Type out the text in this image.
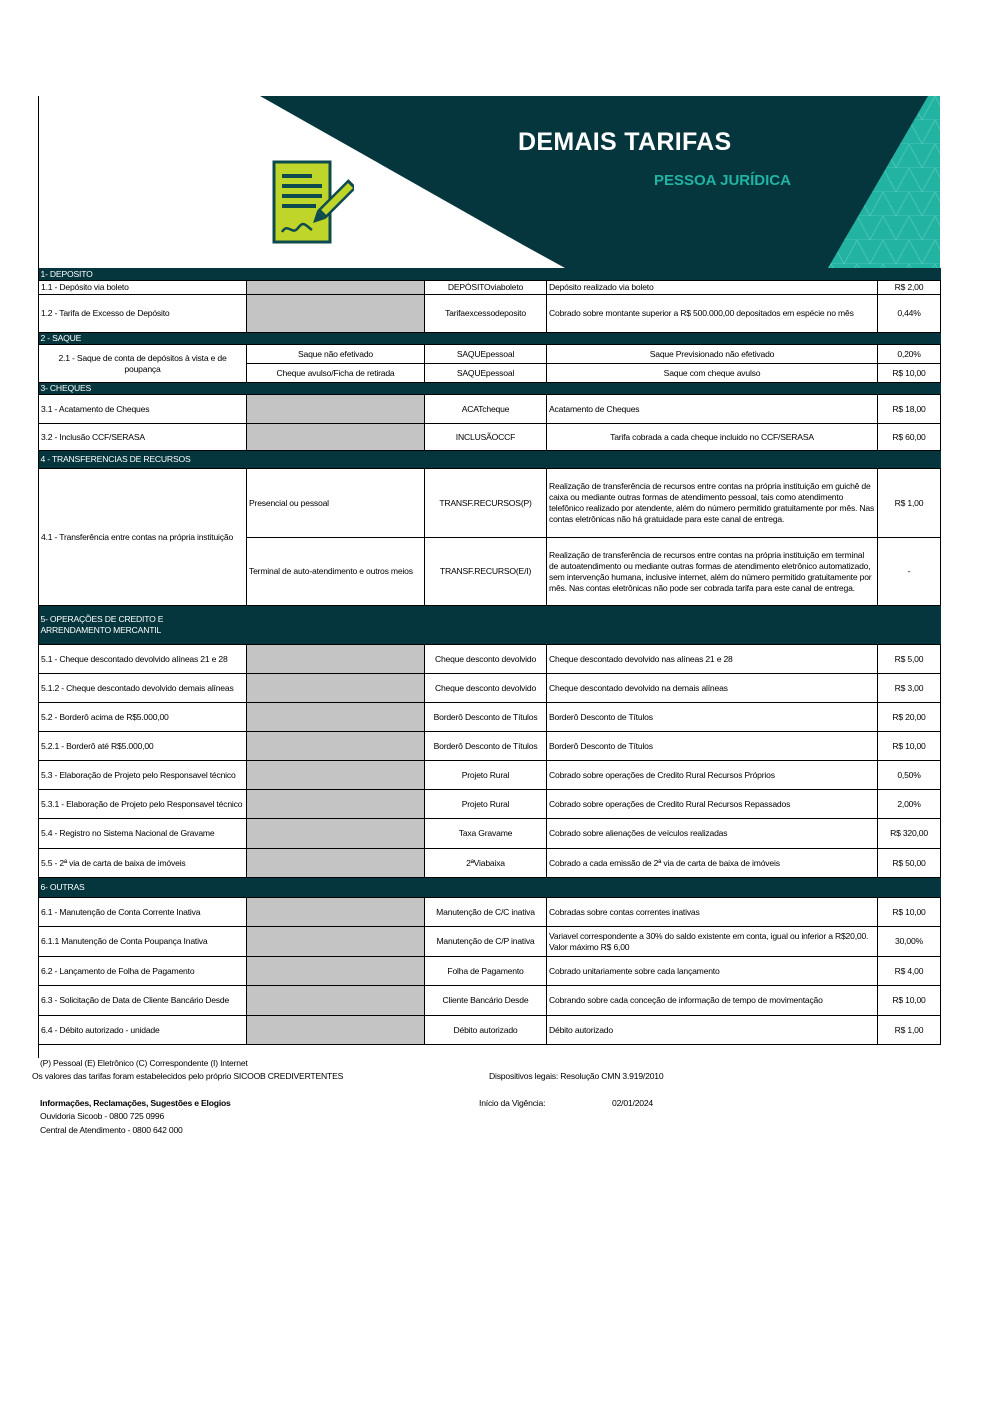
DEMAIS TARIFAS
PESSOA JURÍDICA
1- DEPOSITO				
1.1 - Depósito via boleto		DEPÓSITOviaboleto	Depósito realizado via boleto	R$ 2,00
1.2 - Tarifa de Excesso de Depósito		Tarifaexcessodeposito	Cobrado sobre montante superior a R$ 500.000,00 depositados em espécie no mês	0,44%
2 - SAQUE				
2.1 - Saque de conta de depósitos à vista e de poupança	Saque não efetivado	SAQUEpessoal	Saque Previsionado não efetivado	0,20%
	Cheque avulso/Ficha de retirada	SAQUEpessoal	Saque com cheque avulso	R$ 10,00
3- CHEQUES				
3.1 - Acatamento de Cheques		ACATcheque	Acatamento de Cheques	R$ 18,00
3.2 - Inclusão CCF/SERASA		INCLUSÃOCCF	Tarifa cobrada a cada cheque incluido no CCF/SERASA	R$ 60,00
4 - TRANSFERENCIAS DE RECURSOS				
4.1 - Transferência entre contas na própria instituição	Presencial ou pessoal	TRANSF.RECURSOS(P)	Realização de transferência de recursos entre contas na própria instituição em guichê de caixa ou mediante outras formas de atendimento pessoal, tais como atendimento telefônico realizado por atendente, além do número permitido gratuitamente por mês. Nas contas eletrônicas não há gratuidade para este canal de entrega.	R$ 1,00
	Terminal de auto-atendimento e outros meios	TRANSF.RECURSO(E/I)	Realização de transferência de recursos entre contas na própria instituição em terminal de autoatendimento ou mediante outras formas de atendimento eletrônico automatizado, sem intervenção humana, inclusive internet, além do número permitido gratuitamente por mês. Nas contas eletrônicas não pode ser cobrada tarifa para este canal de entrega.	-
5- OPERAÇÕES DE CREDITO E
ARRENDAMENTO MERCANTIL				
5.1 - Cheque descontado devolvido alíneas 21 e 28		Cheque desconto devolvido	Cheque descontado devolvido nas alíneas 21 e 28	R$ 5,00
5.1.2 - Cheque descontado devolvido demais alíneas		Cheque desconto devolvido	Cheque descontado devolvido na demais alíneas	R$ 3,00
5.2 - Borderô acima de R$5.000,00		Borderô Desconto de Títulos	Borderô Desconto de Títulos	R$ 20,00
5.2.1 - Borderô até R$5.000,00		Borderô Desconto de Títulos	Borderô Desconto de Títulos	R$ 10,00
5.3 - Elaboração de Projeto pelo Responsavel técnico		Projeto Rural	Cobrado sobre operações de Credito Rural Recursos Próprios	0,50%
5.3.1 - Elaboração de Projeto pelo Responsavel técnico		Projeto Rural	Cobrado sobre operações de Credito Rural Recursos Repassados	2,00%
5.4 - Registro no Sistema Nacional de Gravame		Taxa Gravame	Cobrado sobre alienações de veículos realizadas	R$ 320,00
5.5 - 2ª via de carta de baixa de imóveis		2ªViabaixa	Cobrado a cada emissão de 2ª via de carta de baixa de imóveis	R$ 50,00
6- OUTRAS				
6.1 - Manutenção de Conta Corrente Inativa		Manutenção de C/C inativa	Cobradas sobre contas correntes inativas	R$ 10,00
6.1.1 Manutenção de Conta Poupança Inativa		Manutenção de C/P inativa	Variavel correspondente a 30% do saldo existente em conta, igual ou inferior a R$20,00. Valor máximo R$ 6,00	30,00%
6.2 - Lançamento de Folha de Pagamento		Folha de Pagamento	Cobrado unitariamente sobre cada lançamento	R$ 4,00
6.3 - Solicitação de Data de Cliente Bancário Desde		Cliente Bancário Desde	Cobrando sobre cada conceção de informação de tempo de movimentação	R$ 10,00
6.4 - Débito autorizado - unidade		Débito autorizado	Débito autorizado	R$ 1,00
(P) Pessoal (E) Eletrônico (C) Correspondente (I) Internet
Os valores das tarifas foram estabelecidos pelo próprio SICOOB CREDIVERTENTES	Dispositivos legais: Resolução CMN 3.919/2010
Informações, Reclamações, Sugestões e Elogios	Início da Vigência:	02/01/2024
Ouvidoria Sicoob - 0800 725 0996
Central de Atendimento - 0800 642 000
